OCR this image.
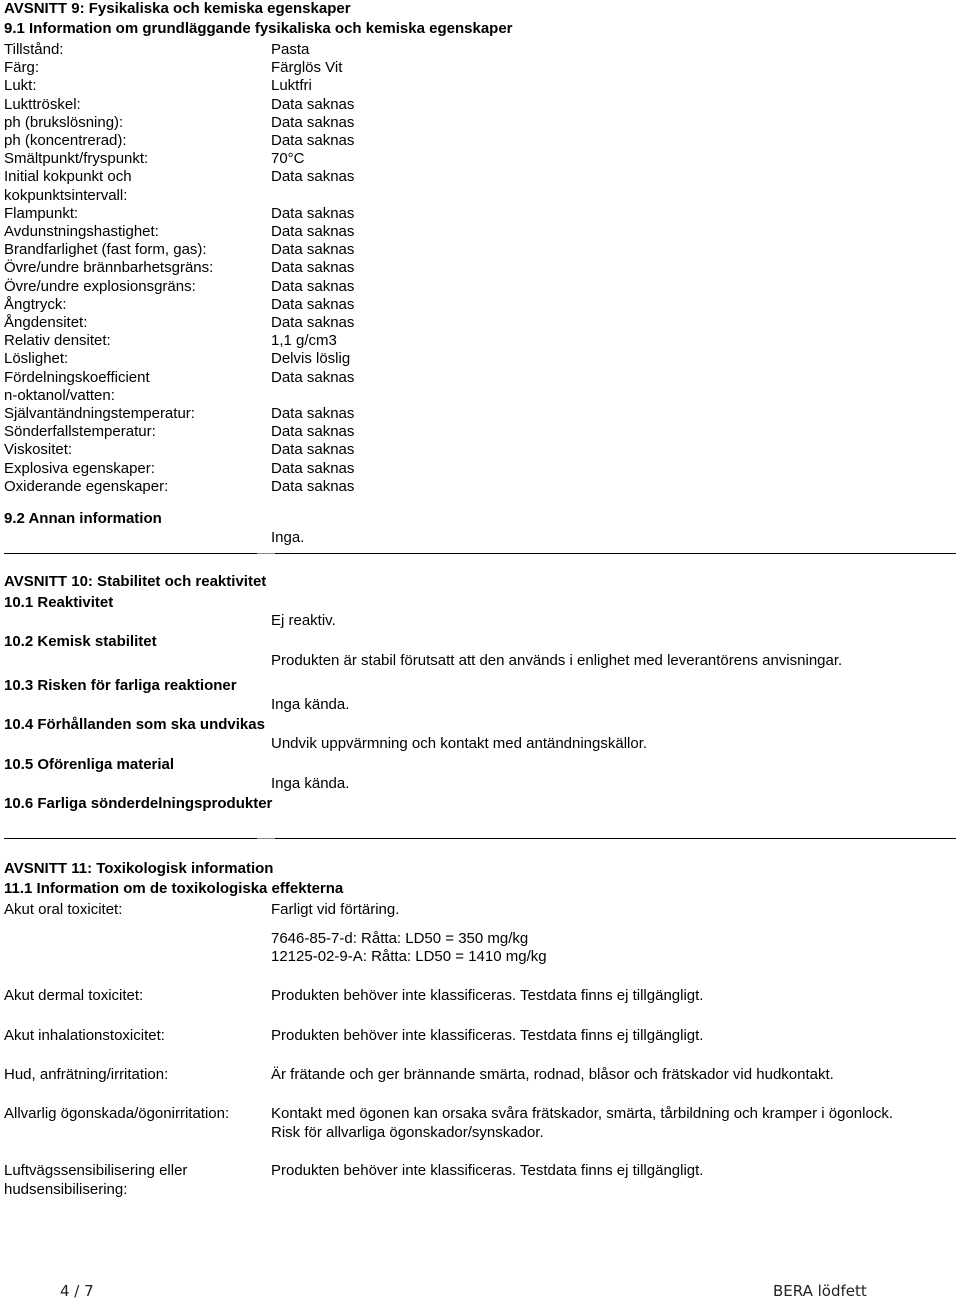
AVSNITT 9: Fysikaliska och kemiska egenskaper
9.1 Information om grundläggande fysikaliska och kemiska egenskaper
Tillstånd:	Pasta
Färg:	Färglös Vit
Lukt:	Luktfri
Lukttröskel:	Data saknas
ph (brukslösning):	Data saknas
ph (koncentrerad):	Data saknas
Smältpunkt/fryspunkt:	70°C
Initial kokpunkt och	Data saknas
kokpunktsintervall:
Flampunkt:	Data saknas
Avdunstningshastighet:	Data saknas
Brandfarlighet (fast form, gas):	Data saknas
Övre/undre brännbarhetsgräns:	Data saknas
Övre/undre explosionsgräns:	Data saknas
Ångtryck:	Data saknas
Ångdensitet:	Data saknas
Relativ densitet:	1,1 g/cm3
Löslighet:	Delvis löslig
Fördelningskoefficient	Data saknas
n-oktanol/vatten:
Självantändningstemperatur:	Data saknas
Sönderfallstemperatur:	Data saknas
Viskositet:	Data saknas
Explosiva egenskaper:	Data saknas
Oxiderande egenskaper:	Data saknas
9.2 Annan information
Inga.
AVSNITT 10: Stabilitet och reaktivitet
10.1 Reaktivitet
Ej reaktiv.
10.2 Kemisk stabilitet
Produkten är stabil förutsatt att den används i enlighet med leverantörens anvisningar.
10.3 Risken för farliga reaktioner
Inga kända.
10.4 Förhållanden som ska undvikas
Undvik uppvärmning och kontakt med antändningskällor.
10.5 Oförenliga material
Inga kända.
10.6 Farliga sönderdelningsprodukter
AVSNITT 11: Toxikologisk information
11.1 Information om de toxikologiska effekterna
Akut oral toxicitet:	Farligt vid förtäring.
7646-85-7-d: Råtta: LD50 = 350 mg/kg
12125-02-9-A: Råtta: LD50 = 1410 mg/kg
Akut dermal toxicitet:	Produkten behöver inte klassificeras. Testdata finns ej tillgängligt.
Akut inhalationstoxicitet:	Produkten behöver inte klassificeras. Testdata finns ej tillgängligt.
Hud, anfrätning/irritation:	Är frätande och ger brännande smärta, rodnad, blåsor och frätskador vid hudkontakt.
Allvarlig ögonskada/ögonirritation:	Kontakt med ögonen kan orsaka svåra frätskador, smärta, tårbildning och kramper i ögonlock.
Risk för allvarliga ögonskador/synskador.
Luftvägssensibilisering eller
hudsensibilisering:
Produkten behöver inte klassificeras. Testdata finns ej tillgängligt.
4 / 7	BERA lödfett
